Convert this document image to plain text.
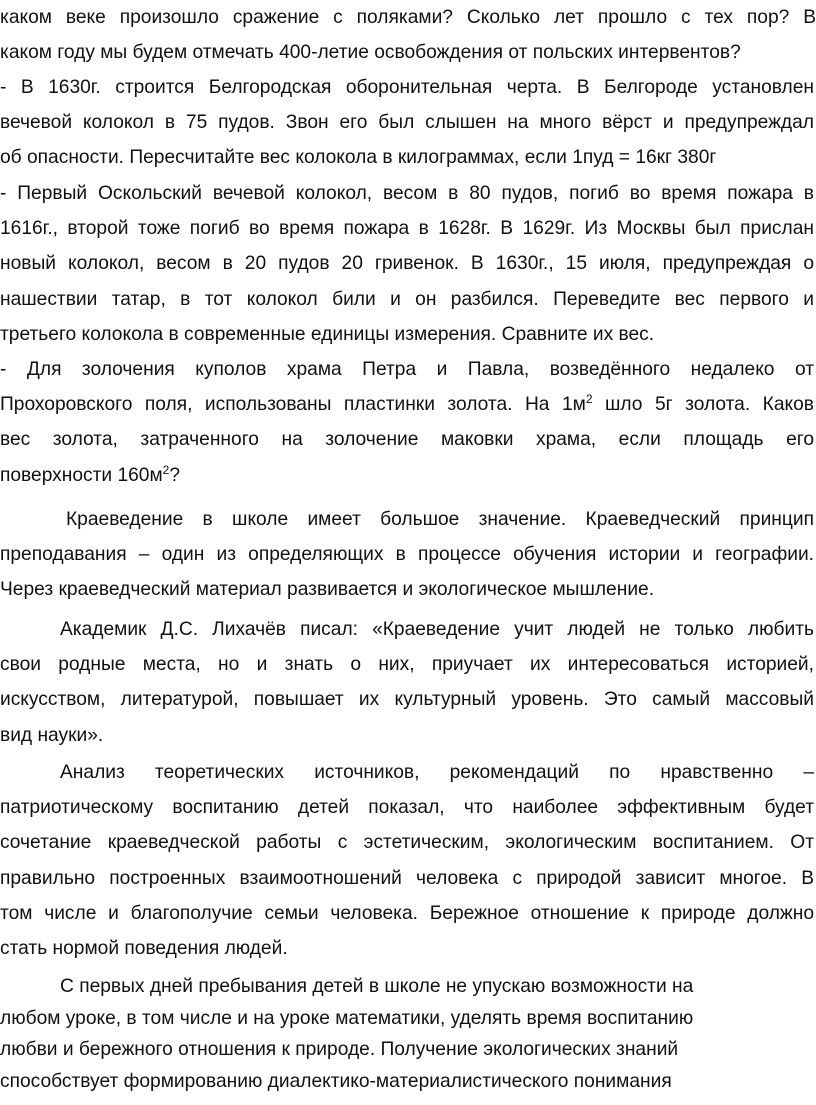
каком веке произошло сражение с поляками? Сколько лет прошло с тех пор? В
каком году мы будем отмечать 400-летие освобождения от польских интервентов?
- В 1630г. строится Белгородская оборонительная черта. В Белгороде установлен
вечевой колокол в 75 пудов. Звон его был слышен на много вёрст и предупреждал
об опасности. Пересчитайте вес колокола в килограммах, если 1пуд = 16кг 380г
- Первый Оскольский вечевой колокол, весом в 80 пудов, погиб во время пожара в
1616г., второй тоже погиб во время пожара в 1628г. В 1629г. Из Москвы был прислан
новый колокол, весом в 20 пудов 20 гривенок. В 1630г., 15 июля, предупреждая о
нашествии татар, в тот колокол били и он разбился. Переведите вес первого и
третьего колокола в современные единицы измерения. Сравните их вес.
- Для золочения куполов храма Петра и Павла, возведённого недалеко от
Прохоровского поля, использованы пластинки золота. На $1м^2$ шло 5г золота. Каков
вес золота, затраченного на золочение маковки храма, если площадь его
поверхности $160м^2$?
Краеведение в школе имеет большое значение. Краеведческий принцип
преподавания – один из определяющих в процессе обучения истории и географии.
Через краеведческий материал развивается и экологическое мышление.
Академик Д.С. Лихачёв писал: «Краеведение учит людей не только любить
свои родные места, но и знать о них, приучает их интересоваться историей,
искусством, литературой, повышает их культурный уровень. Это самый массовый
вид науки».
Анализ теоретических источников, рекомендаций по нравственно –
патриотическому воспитанию детей показал, что наиболее эффективным будет
сочетание краеведческой работы с эстетическим, экологическим воспитанием. От
правильно построенных взаимоотношений человека с природой зависит многое. В
том числе и благополучие семьи человека. Бережное отношение к природе должно
стать нормой поведения людей.
С первых дней пребывания детей в школе не упускаю возможности на
любом уроке, в том числе и на уроке математики, уделять время воспитанию
любви и бережного отношения к природе. Получение экологических знаний
способствует формированию диалектико-материалистического понимания
